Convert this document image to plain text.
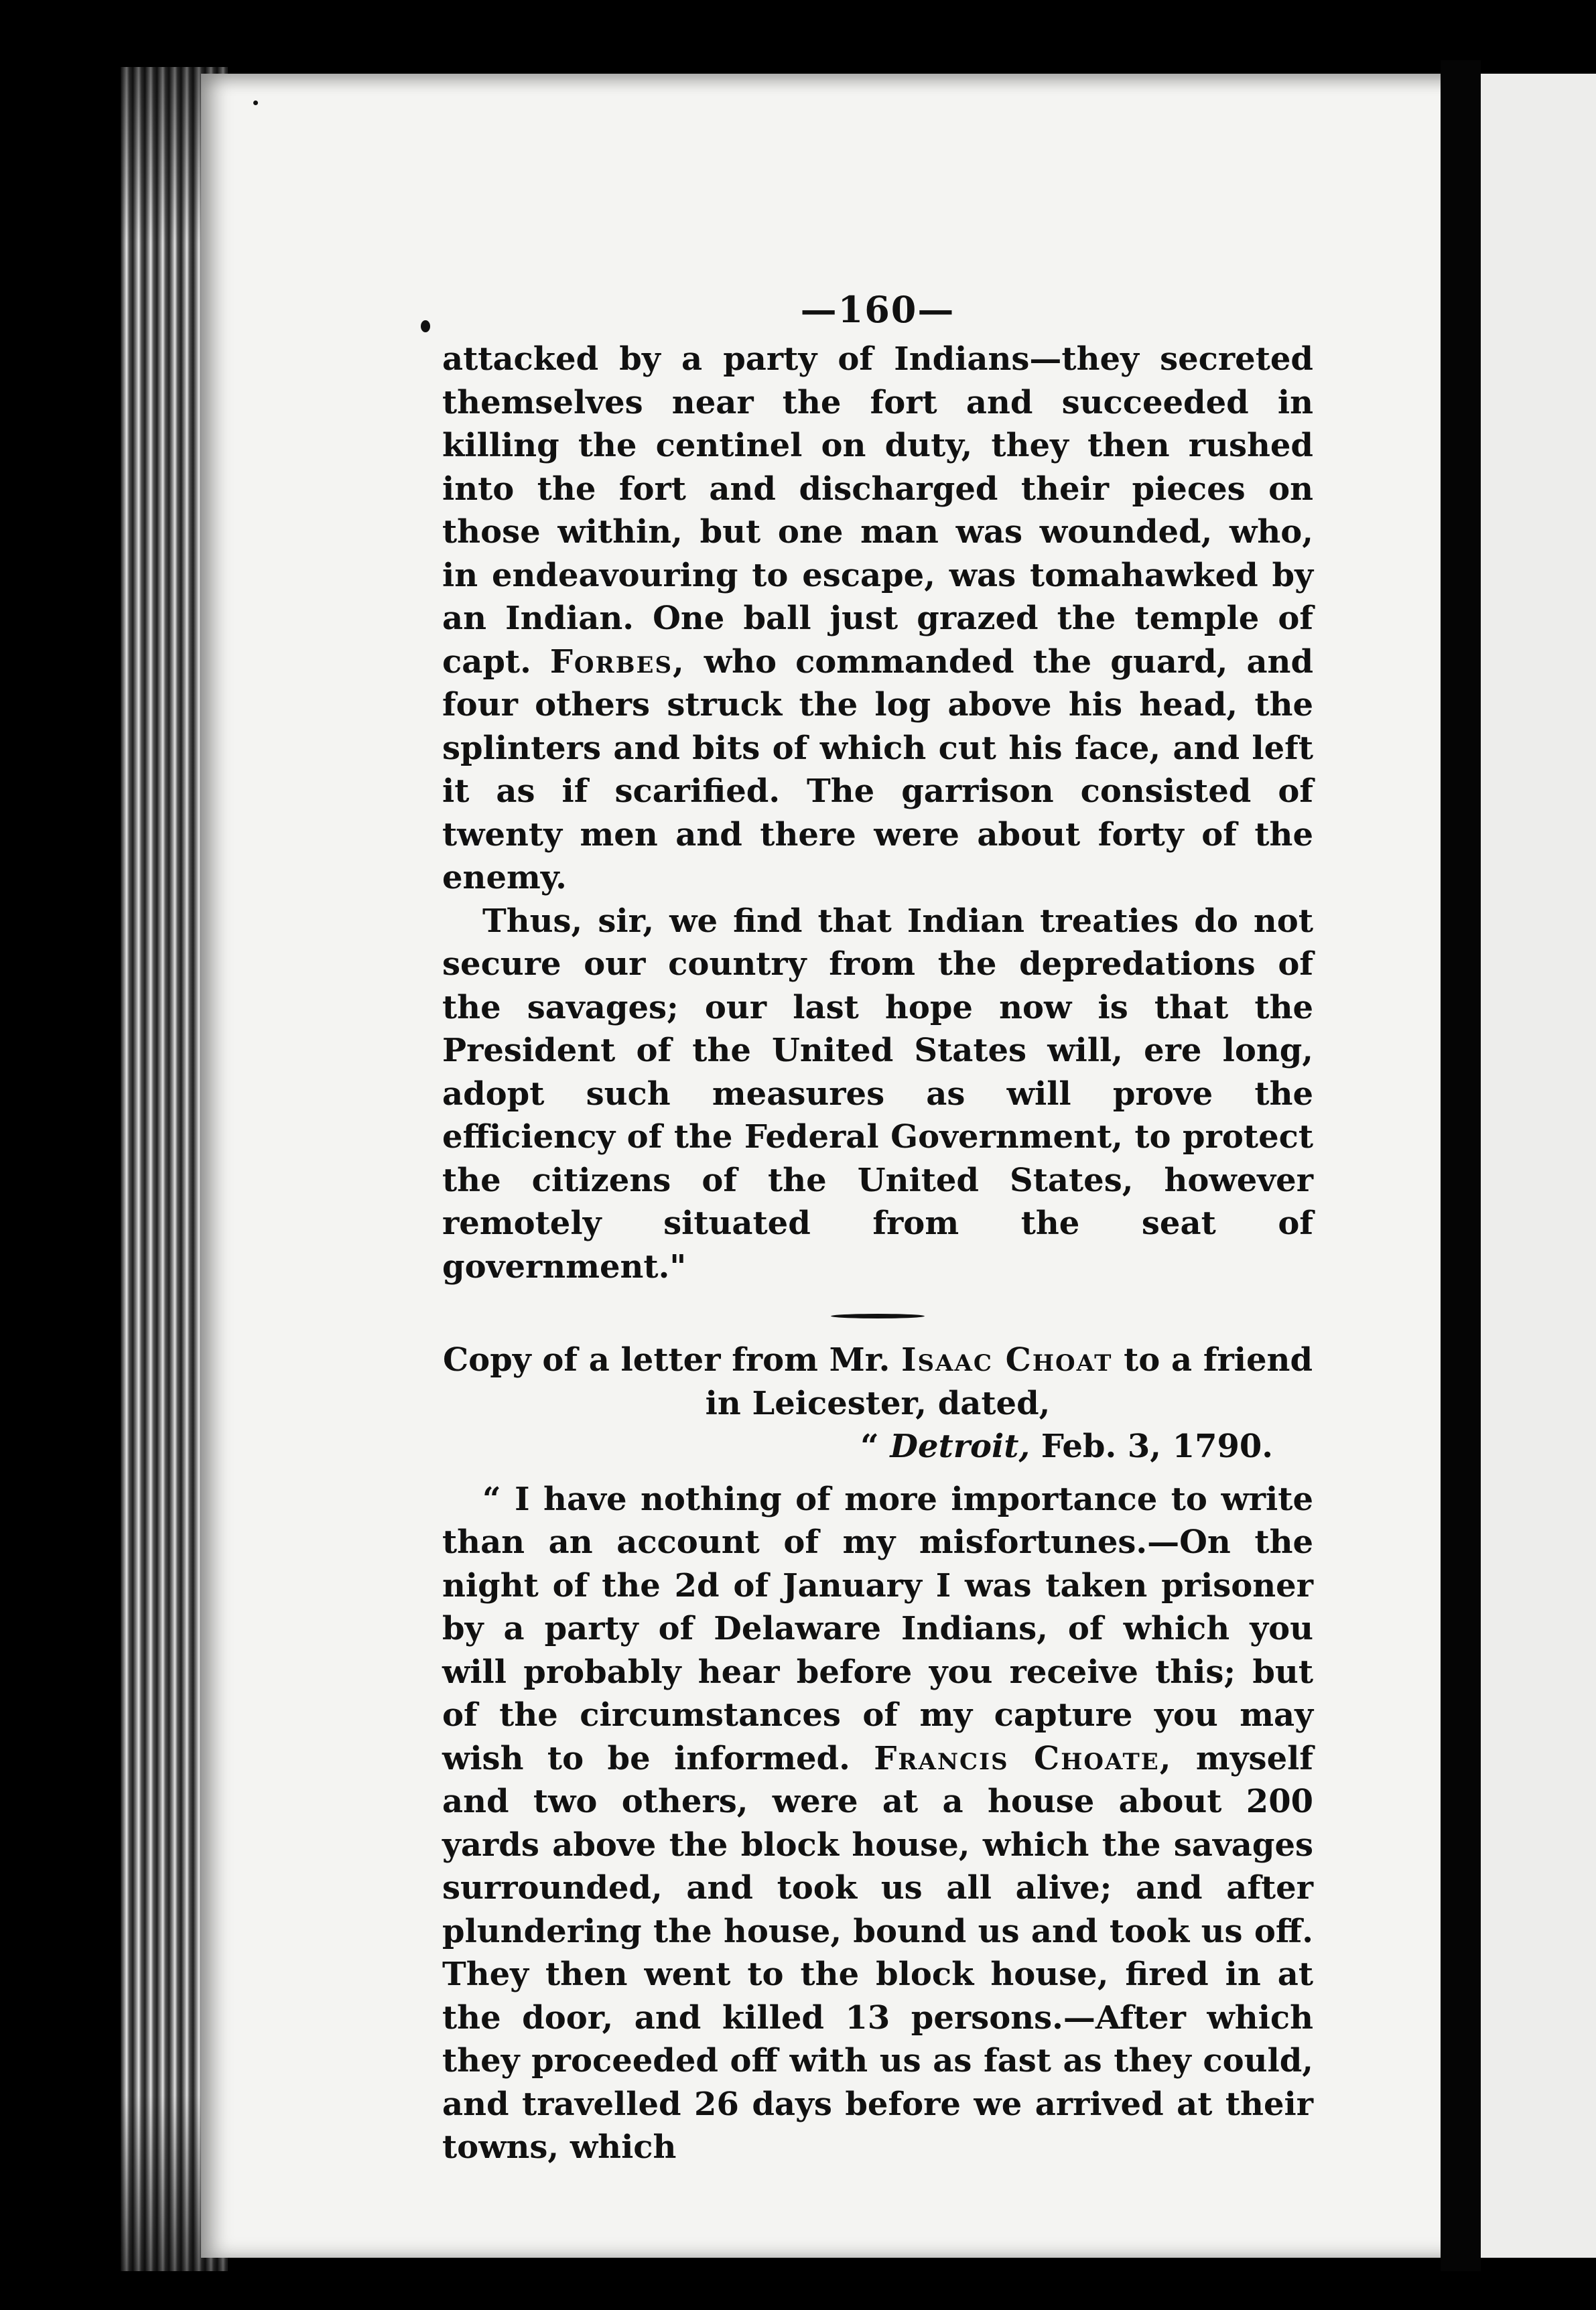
—160—

attacked by a party of Indians—they secreted themselves near the fort and succeeded in killing the centinel on duty, they then rushed into the fort and discharged their pieces on those within, but one man was wounded, who, in endeavouring to escape, was tomahawked by an Indian. One ball just grazed the temple of capt. Forbes, who commanded the guard, and four others struck the log above his head, the splinters and bits of which cut his face, and left it as if scarified. The garrison consisted of twenty men and there were about forty of the enemy.

Thus, sir, we find that Indian treaties do not secure our country from the depredations of the savages; our last hope now is that the President of the United States will, ere long, adopt such measures as will prove the efficiency of the Federal Government, to protect the citizens of the United States, however remotely situated from the seat of government."

Copy of a letter from Mr. Isaac Choat to a friend in Leicester, dated,

“ Detroit, Feb. 3, 1790.

“ I have nothing of more importance to write than an account of my misfortunes.—On the night of the 2d of January I was taken prisoner by a party of Delaware Indians, of which you will probably hear before you receive this; but of the circumstances of my capture you may wish to be informed. Francis Choate, myself and two others, were at a house about 200 yards above the block house, which the savages surrounded, and took us all alive; and after plundering the house, bound us and took us off. They then went to the block house, fired in at the door, and killed 13 persons.—After which they proceeded off with us as fast as they could, and travelled 26 days before we arrived at their towns, which
